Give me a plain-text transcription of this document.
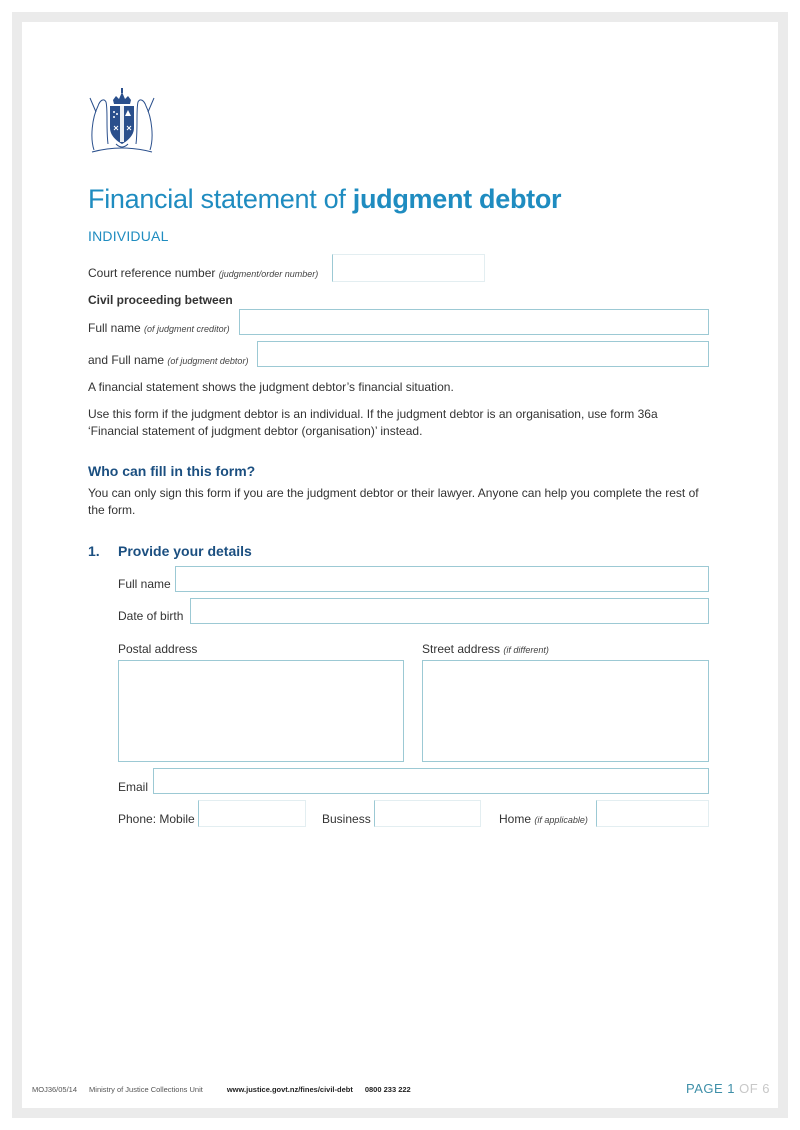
Financial statement of judgment debtor
INDIVIDUAL
Court reference number (judgment/order number)
Civil proceeding between
Full name (of judgment creditor)
and Full name (of judgment debtor)
A financial statement shows the judgment debtor’s financial situation.
Use this form if the judgment debtor is an individual. If the judgment debtor is an organisation, use form 36a
‘Financial statement of judgment debtor (organisation)’ instead.
Who can fill in this form?
You can only sign this form if you are the judgment debtor or their lawyer. Anyone can help you complete the rest of
the form.
1. Provide your details
Full name
Date of birth
Postal address	Street address (if different)
Email
Phone: Mobile	Business	Home (if applicable)
MOJ36/05/14 Ministry of Justice Collections Unit	www.justice.govt.nz/fines/civil-debt 0800 233 222	PAGE 1 OF 6
